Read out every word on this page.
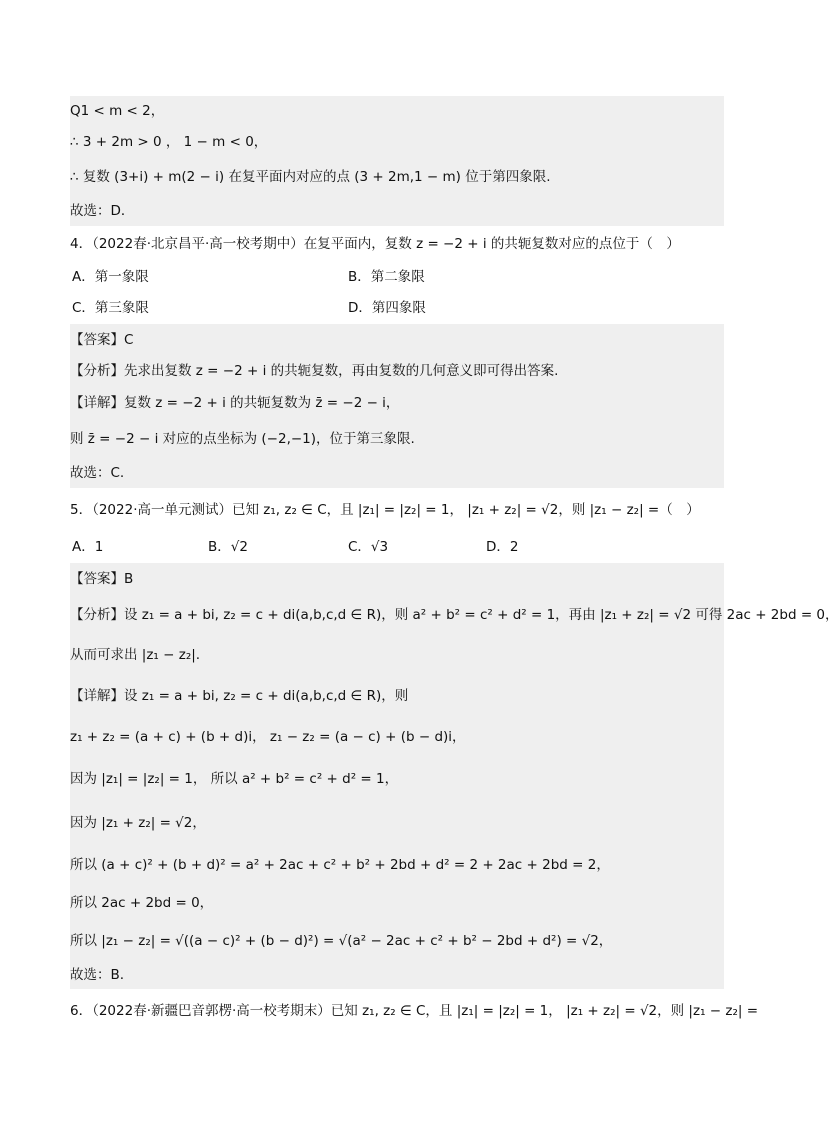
Q1 < m < 2，
∴ 3 + 2m > 0 ， 1 − m < 0，
∴ 复数 (3+i) + m(2 − i) 在复平面内对应的点 (3 + 2m,1 − m) 位于第四象限.
故选：D．
4．（2022春·北京昌平·高一校考期中）在复平面内，复数 z = −2 + i 的共轭复数对应的点位于（　）
A．第一象限	B．第二象限
C．第三象限	D．第四象限
【答案】C
【分析】先求出复数 z = −2 + i 的共轭复数，再由复数的几何意义即可得出答案.
【详解】复数 z = −2 + i 的共轭复数为 z̄ = −2 − i，
则 z̄ = −2 − i 对应的点坐标为 (−2,−1)，位于第三象限.
故选：C.
5．（2022·高一单元测试）已知 z₁, z₂ ∈ C，且 |z₁| = |z₂| = 1， |z₁ + z₂| = √2，则 |z₁ − z₂| =（　）
A．1	B．√2	C．√3	D．2
【答案】B
【分析】设 z₁ = a + bi, z₂ = c + di(a,b,c,d ∈ R)，则 a² + b² = c² + d² = 1，再由 |z₁ + z₂| = √2 可得 2ac + 2bd = 0，
从而可求出 |z₁ − z₂|.
【详解】设 z₁ = a + bi, z₂ = c + di(a,b,c,d ∈ R)，则
z₁ + z₂ = (a + c) + (b + d)i， z₁ − z₂ = (a − c) + (b − d)i，
因为 |z₁| = |z₂| = 1， 所以 a² + b² = c² + d² = 1，
因为 |z₁ + z₂| = √2，
所以 (a + c)² + (b + d)² = a² + 2ac + c² + b² + 2bd + d² = 2 + 2ac + 2bd = 2，
所以 2ac + 2bd = 0，
所以 |z₁ − z₂| = √((a − c)² + (b − d)²) = √(a² − 2ac + c² + b² − 2bd + d²) = √2，
故选：B.
6．（2022春·新疆巴音郭楞·高一校考期末）已知 z₁, z₂ ∈ C，且 |z₁| = |z₂| = 1， |z₁ + z₂| = √2，则 |z₁ − z₂| =
